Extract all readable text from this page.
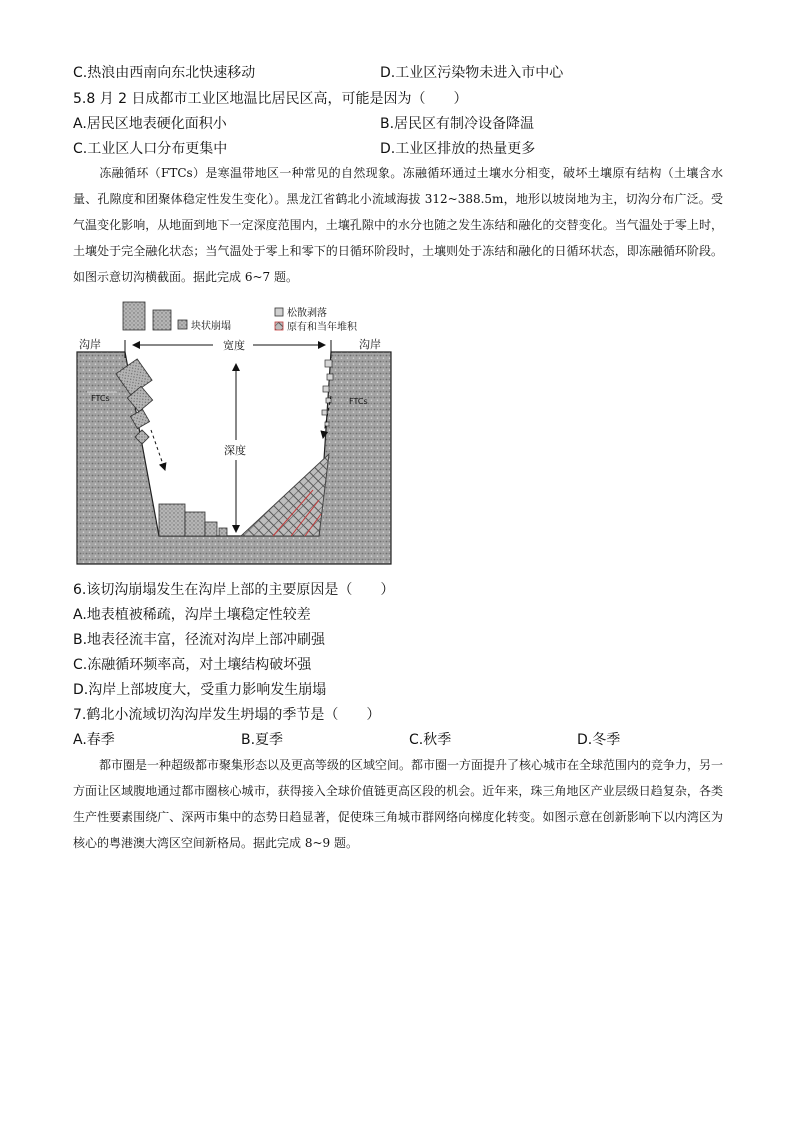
C.热浪由西南向东北快速移动	D.工业区污染物未进入市中心
5.8 月 2 日成都市工业区地温比居民区高，可能是因为（　　）
A.居民区地表硬化面积小	B.居民区有制冷设备降温
C.工业区人口分布更集中	D.工业区排放的热量更多
冻融循环（FTCs）是寒温带地区一种常见的自然现象。冻融循环通过土壤水分相变，破坏土壤原有结构（土壤含水量、孔隙度和团聚体稳定性发生变化）。黑龙江省鹤北小流域海拔 312~388.5m，地形以坡岗地为主，切沟分布广泛。受气温变化影响，从地面到地下一定深度范围内，土壤孔隙中的水分也随之发生冻结和融化的交替变化。当气温处于零上时，土壤处于完全融化状态；当气温处于零上和零下的日循环阶段时，土壤则处于冻结和融化的日循环状态，即冻融循环阶段。如图示意切沟横截面。据此完成 6~7 题。
块状崩塌
松散剥落
原有和当年堆积
沟岸	沟岸
宽度
深度
FTCs	FTCs
6.该切沟崩塌发生在沟岸上部的主要原因是（　　）
A.地表植被稀疏，沟岸土壤稳定性较差
B.地表径流丰富，径流对沟岸上部冲刷强
C.冻融循环频率高，对土壤结构破坏强
D.沟岸上部坡度大，受重力影响发生崩塌
7.鹤北小流域切沟沟岸发生坍塌的季节是（　　）
A.春季	B.夏季	C.秋季	D.冬季
都市圈是一种超级都市聚集形态以及更高等级的区域空间。都市圈一方面提升了核心城市在全球范围内的竞争力，另一方面让区域腹地通过都市圈核心城市，获得接入全球价值链更高区段的机会。近年来，珠三角地区产业层级日趋复杂，各类生产性要素围绕广、深两市集中的态势日趋显著，促使珠三角城市群网络向梯度化转变。如图示意在创新影响下以内湾区为核心的粤港澳大湾区空间新格局。据此完成 8~9 题。
